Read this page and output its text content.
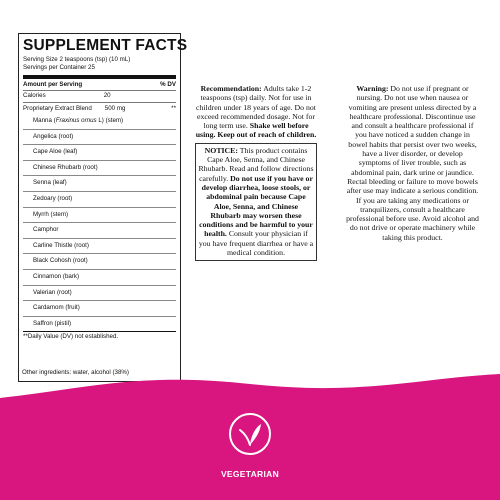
SUPPLEMENT FACTS
Serving Size 2 teaspoons (tsp) (10 mL)
Servings per Container 25
Amount per Serving	% DV
Calories	20
Proprietary Extract Blend 500 mg	**
Manna (Fraxinus ornus L) (stem)
Angelica (root)
Cape Aloe (leaf)
Chinese Rhubarb (root)
Senna (leaf)
Zedoary (root)
Myrrh (stem)
Camphor
Carline Thistle (root)
Black Cohosh (root)
Cinnamon (bark)
Valerian (root)
Cardamom (fruit)
Saffron (pistil)
**Daily Value (DV) not established.
Other ingredients: water, alcohol (38%)
Recommendation: Adults take 1-2 teaspoons (tsp) daily. Not for use in children under 18 years of age. Do not exceed recommended dosage. Not for long term use. Shake well before using. Keep out of reach of children.
NOTICE: This product contains Cape Aloe, Senna, and Chinese Rhubarb. Read and follow directions carefully. Do not use if you have or develop diarrhea, loose stools, or abdominal pain because Cape Aloe, Senna, and Chinese Rhubarb may worsen these conditions and be harmful to your health. Consult your physician if you have frequent diarrhea or have a medical condition.

Warning: Do not use if pregnant or nursing. Do not use when nausea or vomiting are present unless directed by a healthcare professional. Discontinue use and consult a healthcare professional if you have noticed a sudden change in bowel habits that persist over two weeks, have a liver disorder, or develop symptoms of liver trouble, such as abdominal pain, dark urine or jaundice. Rectal bleeding or failure to move bowels after use may indicate a serious condition. If you are taking any medications or tranquilizers, consult a healthcare professional before use. Avoid alcohol and do not drive or operate machinery while taking this product.

VEGETARIAN
